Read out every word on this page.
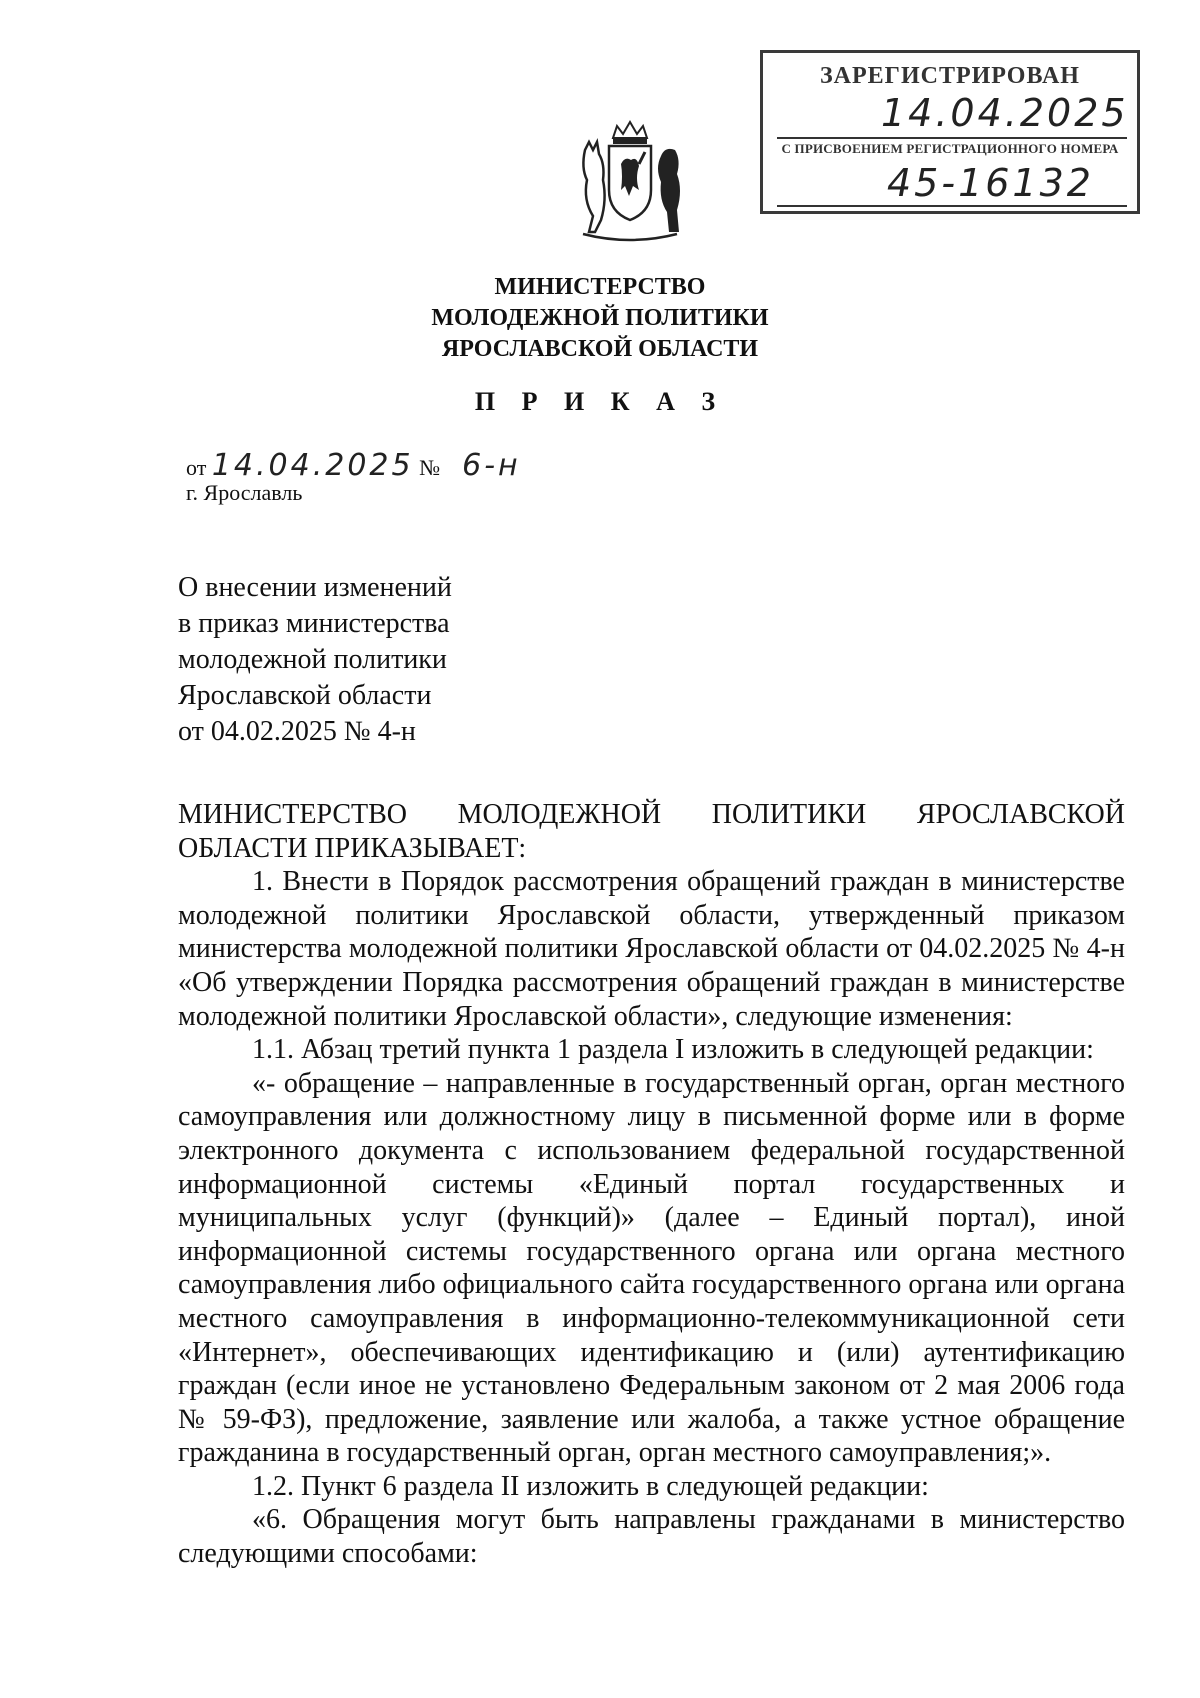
ЗАРЕГИСТРИРОВАН
14.04.2025
С ПРИСВОЕНИЕМ РЕГИСТРАЦИОННОГО НОМЕРА
45-16132
МИНИСТЕРСТВО
МОЛОДЕЖНОЙ ПОЛИТИКИ
ЯРОСЛАВСКОЙ ОБЛАСТИ
П Р И К А З
от 14.04.2025 № 6-н
г. Ярославль
О внесении изменений
в приказ министерства
молодежной политики
Ярославской области
от 04.02.2025 № 4-н

МИНИСТЕРСТВО МОЛОДЕЖНОЙ ПОЛИТИКИ ЯРОСЛАВСКОЙ ОБЛАСТИ ПРИКАЗЫВАЕТ:

1. Внести в Порядок рассмотрения обращений граждан в министерстве молодежной политики Ярославской области, утвержденный приказом министерства молодежной политики Ярославской области от 04.02.2025 № 4-н «Об утверждении Порядка рассмотрения обращений граждан в министерстве молодежной политики Ярославской области», следующие изменения:

1.1. Абзац третий пункта 1 раздела I изложить в следующей редакции:

«- обращение – направленные в государственный орган, орган местного самоуправления или должностному лицу в письменной форме или в форме электронного документа с использованием федеральной государственной информационной системы «Единый портал государственных и муниципальных услуг (функций)» (далее – Единый портал), иной информационной системы государственного органа или органа местного самоуправления либо официального сайта государственного органа или органа местного самоуправления в информационно-телекоммуникационной сети «Интернет», обеспечивающих идентификацию и (или) аутентификацию граждан (если иное не установлено Федеральным законом от 2 мая 2006 года № 59-ФЗ), предложение, заявление или жалоба, а также устное обращение гражданина в государственный орган, орган местного самоуправления;».

1.2. Пункт 6 раздела II изложить в следующей редакции:

«6. Обращения могут быть направлены гражданами в министерство следующими способами:
